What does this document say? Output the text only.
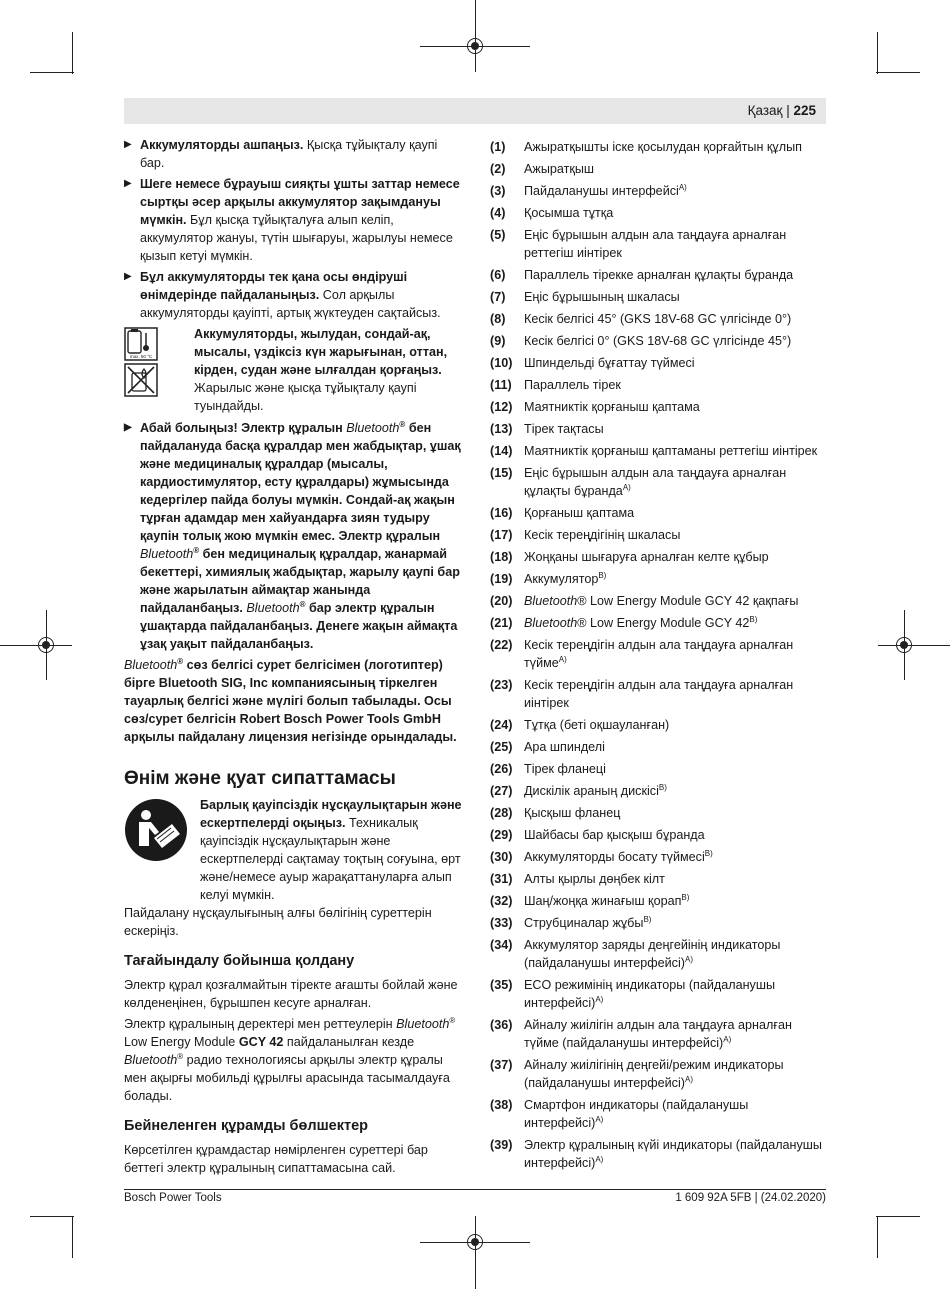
Қазақ | 225
▶ Аккумуляторды ашпаңыз. Қысқа тұйықталу қаупі бар.
▶ Шеге немесе бұрауыш сияқты ұшты заттар немесе сыртқы әсер арқылы аккумулятор зақымдануы мүмкін. Бұл қысқа тұйықталуға алып келіп, аккумулятор жануы, түтін шығаруы, жарылуы немесе қызып кетуі мүмкін.
▶ Бұл аккумуляторды тек қана осы өндіруші өнімдерінде пайдаланыңыз. Сол арқылы аккумуляторды қауіпті, артық жүктеуден сақтайсыз.
max. 50 °C
Аккумуляторды, жылудан, сондай-ақ, мысалы, үздіксіз күн жарығынан, оттан, кірден, судан және ылғалдан қорғаңыз. Жарылыс және қысқа тұйықталу қаупі туындайды.
▶ Абай болыңыз! Электр құралын Bluetooth® бен пайдалануда басқа құралдар мен жабдықтар, ұшақ және медициналық құралдар (мысалы, кардиостимулятор, есту құралдары) жұмысында кедергілер пайда болуы мүмкін. Сондай-ақ жақын тұрған адамдар мен хайуандарға зиян тудыру қаупін толық жою мүмкін емес. Электр құралын Bluetooth® бен медициналық құралдар, жанармай бекеттері, химиялық жабдықтар, жарылу қаупі бар және жарылатын аймақтар жанында пайдаланбаңыз. Bluetooth® бар электр құралын ұшақтарда пайдаланбаңыз. Денеге жақын аймақта ұзақ уақыт пайдаланбаңыз.
Bluetooth® сөз белгісі сурет белгісімен (логотиптер) бірге Bluetooth SIG, Inc компаниясының тіркелген тауарлық белгісі және мүлігі болып табылады. Осы сөз/сурет белгісін Robert Bosch Power Tools GmbH арқылы пайдалану лицензия негізінде орындалады.
Өнім және қуат сипаттамасы
Барлық қауіпсіздік нұсқаулықтарын және ескертпелерді оқыңыз. Техникалық қауіпсіздік нұсқаулықтарын және ескертпелерді сақтамау тоқтың соғуына, өрт және/немесе ауыр жарақаттануларға алып келуі мүмкін.
Пайдалану нұсқаулығының алғы бөлігінің суреттерін ескеріңіз.
Тағайындалу бойынша қолдану
Электр құрал қозғалмайтын тіректе ағашты бойлай және көлденеңінен, бұрышпен кесуге арналған.
Электр құралының деректері мен реттеулерін Bluetooth® Low Energy Module GCY 42 пайдаланылған кезде Bluetooth® радио технологиясы арқылы электр құралы мен ақырғы мобильді құрылғы арасында тасымалдауға болады.
Бейнеленген құрамды бөлшектер
Көрсетілген құрамдастар нөмірленген суреттері бар беттегі электр құралының сипаттамасына сай.
(1) Ажыратқышты іске қосылудан қорғайтын құлып
(2) Ажыратқыш
(3) Пайдаланушы интерфейсі$^{A)}$
(4) Қосымша тұтқа
(5) Еңіс бұрышын алдын ала таңдауға арналған реттегіш иінтірек
(6) Параллель тірекке арналған құлақты бұранда
(7) Еңіс бұрышының шкаласы
(8) Кесік белгісі 45° (GKS 18V-68 GC үлгісінде 0°)
(9) Кесік белгісі 0° (GKS 18V-68 GC үлгісінде 45°)
(10) Шпиндельді бұғаттау түймесі
(11) Параллель тірек
(12) Маятниктік қорғаныш қаптама
(13) Тірек тақтасы
(14) Маятниктік қорғаныш қаптаманы реттегіш иінтірек
(15) Еңіс бұрышын алдын ала таңдауға арналған құлақты бұранда$^{A)}$
(16) Қорғаныш қаптама
(17) Кесік тереңдігінің шкаласы
(18) Жоңқаны шығаруға арналған келте құбыр
(19) Аккумулятор$^{B)}$
(20) Bluetooth® Low Energy Module GCY 42 қақпағы
(21) Bluetooth® Low Energy Module GCY $42^{B)}$
(22) Кесік тереңдігін алдын ала таңдауға арналған түйме$^{A)}$
(23) Кесік тереңдігін алдын ала таңдауға арналған иінтірек
(24) Тұтқа (беті оқшауланған)
(25) Ара шпинделі
(26) Тірек фланеці
(27) Дискілік араның дискісі$^{B)}$
(28) Қысқыш фланец
(29) Шайбасы бар қысқыш бұранда
(30) Аккумуляторды босату түймесі$^{B)}$
(31) Алты қырлы дөңбек кілт
(32) Шаң/жоңқа жинағыш қорап$^{B)}$
(33) Струбциналар жұбы$^{B)}$
(34) Аккумулятор заряды деңгейінің индикаторы (пайдаланушы интерфейсі)$^{A)}$
(35) ECO режимінің индикаторы (пайдаланушы интерфейсі)$^{A)}$
(36) Айналу жиілігін алдын ала таңдауға арналған түйме (пайдаланушы интерфейсі)$^{A)}$
(37) Айналу жиілігінің деңгейі/режим индикаторы (пайдаланушы интерфейсі)$^{A)}$
(38) Смартфон индикаторы (пайдаланушы интерфейсі)$^{A)}$
(39) Электр құралының күйі индикаторы (пайдаланушы интерфейсі)$^{A)}$
Bosch Power Tools	1 609 92A 5FB | (24.02.2020)
